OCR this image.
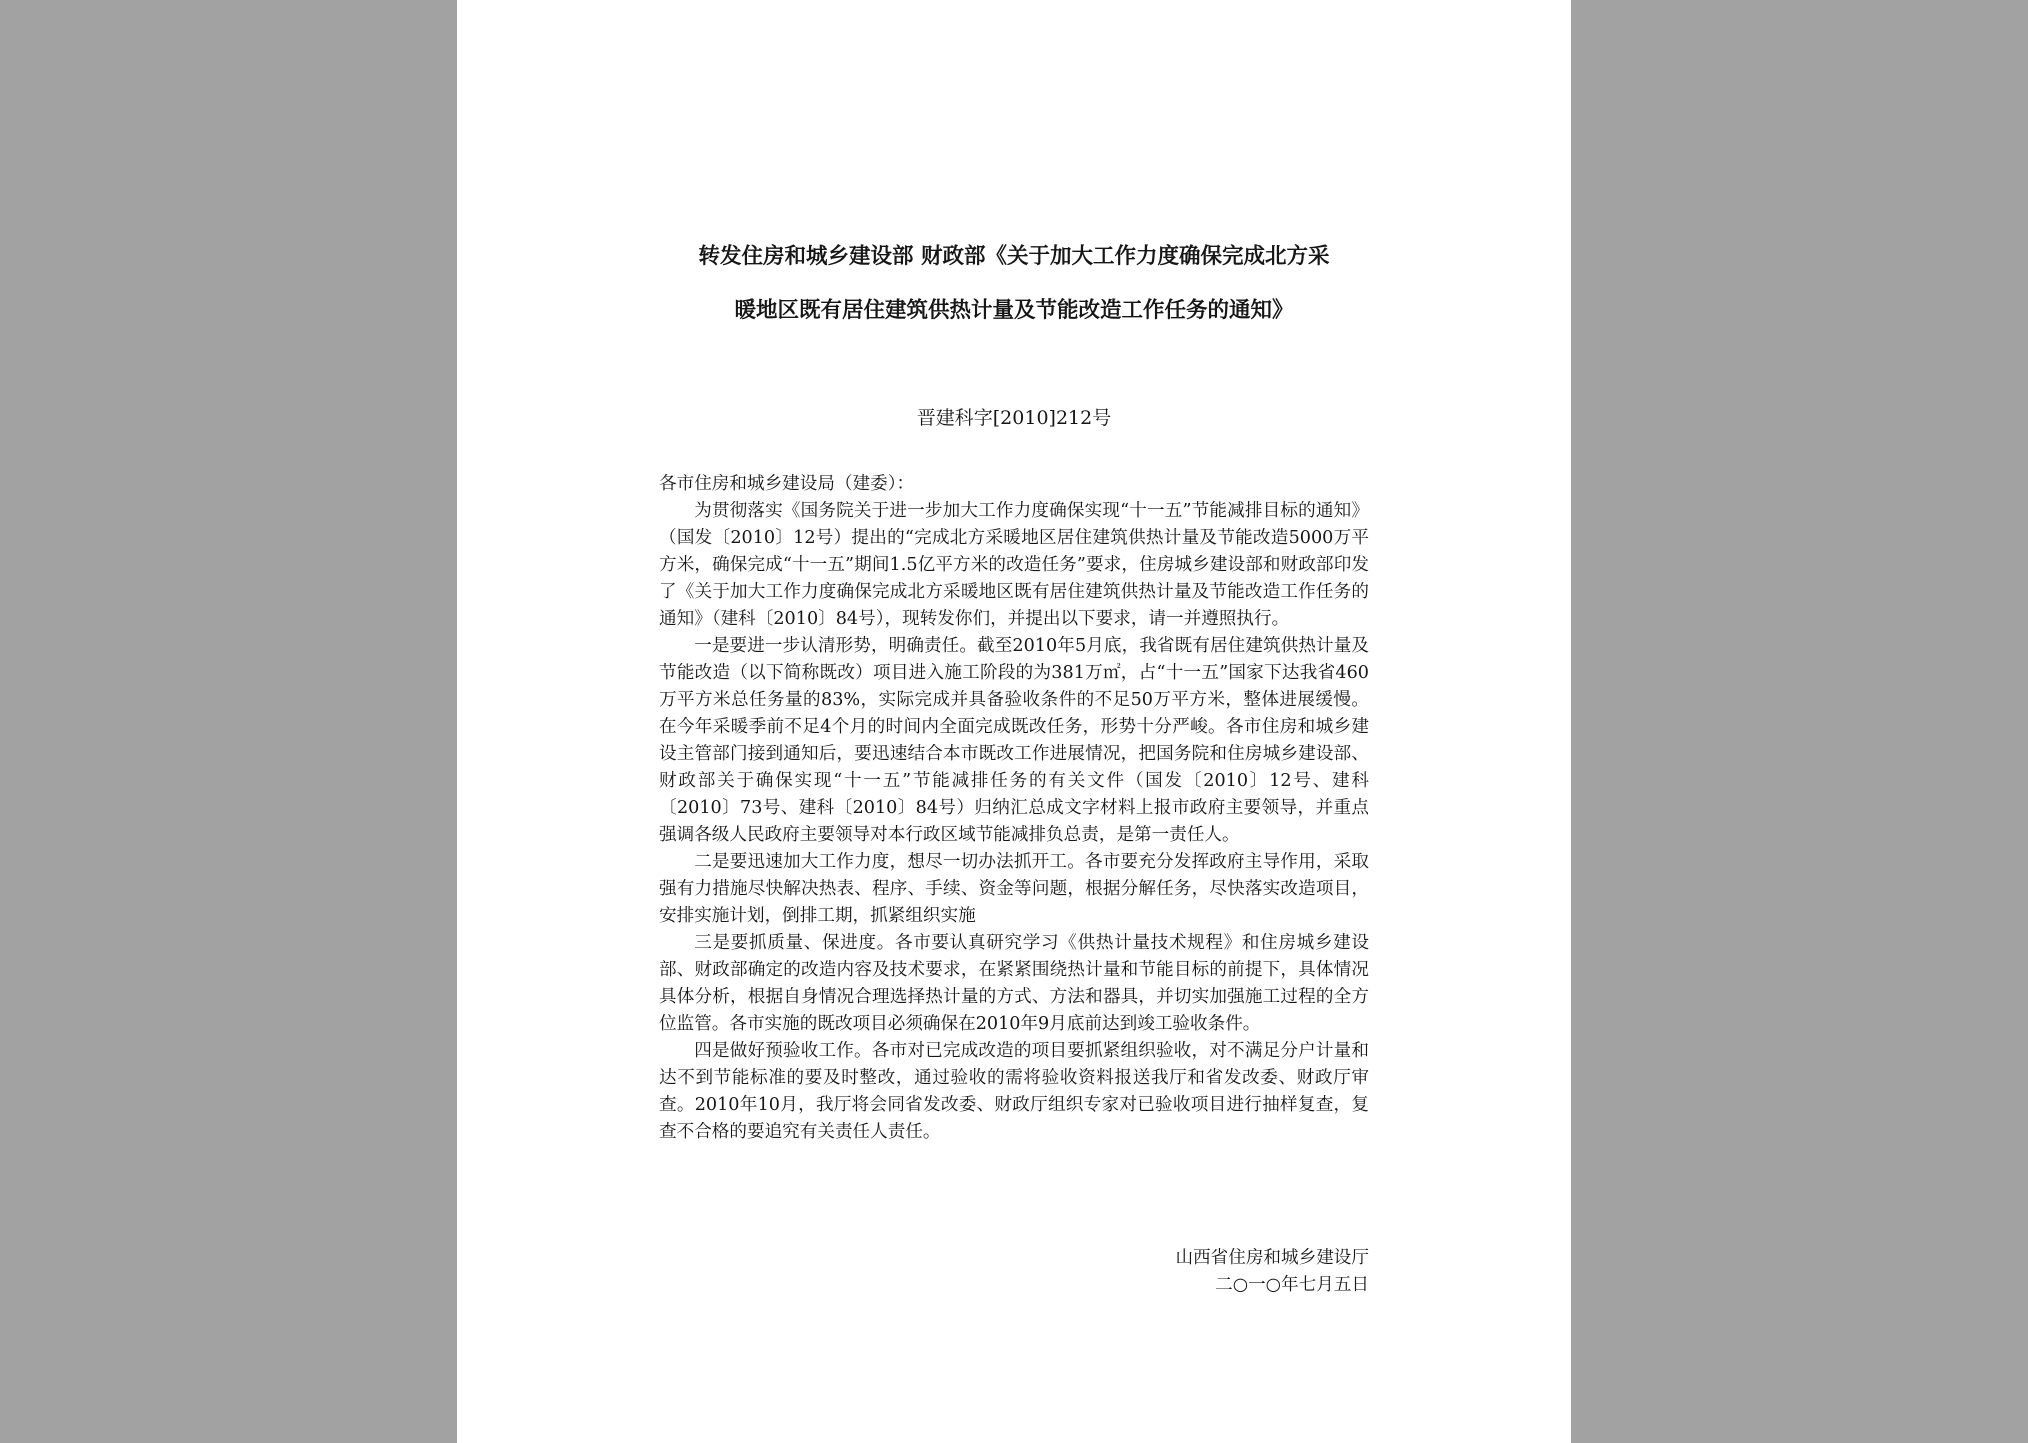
转发住房和城乡建设部 财政部《关于加大工作力度确保完成北方采
暖地区既有居住建筑供热计量及节能改造工作任务的通知》
晋建科字[2010]212号

各市住房和城乡建设局（建委）：

为贯彻落实《国务院关于进一步加大工作力度确保实现“十一五”节能减排目标的通知》（国发〔2010〕12号）提出的“完成北方采暖地区居住建筑供热计量及节能改造5000万平方米，确保完成“十一五”期间1.5亿平方米的改造任务”要求，住房城乡建设部和财政部印发了《关于加大工作力度确保完成北方采暖地区既有居住建筑供热计量及节能改造工作任务的通知》（建科〔2010〕84号），现转发你们，并提出以下要求，请一并遵照执行。

一是要进一步认清形势，明确责任。截至2010年5月底，我省既有居住建筑供热计量及节能改造（以下简称既改）项目进入施工阶段的为381万㎡，占“十一五”国家下达我省460万平方米总任务量的83%，实际完成并具备验收条件的不足50万平方米，整体进展缓慢。在今年采暖季前不足4个月的时间内全面完成既改任务，形势十分严峻。各市住房和城乡建设主管部门接到通知后，要迅速结合本市既改工作进展情况，把国务院和住房城乡建设部、财政部关于确保实现“十一五”节能减排任务的有关文件（国发〔2010〕12号、建科〔2010〕73号、建科〔2010〕84号）归纳汇总成文字材料上报市政府主要领导，并重点强调各级人民政府主要领导对本行政区域节能减排负总责，是第一责任人。

二是要迅速加大工作力度，想尽一切办法抓开工。各市要充分发挥政府主导作用，采取强有力措施尽快解决热表、程序、手续、资金等问题，根据分解任务，尽快落实改造项目，安排实施计划，倒排工期，抓紧组织实施

三是要抓质量、保进度。各市要认真研究学习《供热计量技术规程》和住房城乡建设部、财政部确定的改造内容及技术要求，在紧紧围绕热计量和节能目标的前提下，具体情况具体分析，根据自身情况合理选择热计量的方式、方法和器具，并切实加强施工过程的全方位监管。各市实施的既改项目必须确保在2010年9月底前达到竣工验收条件。

四是做好预验收工作。各市对已完成改造的项目要抓紧组织验收，对不满足分户计量和达不到节能标准的要及时整改，通过验收的需将验收资料报送我厅和省发改委、财政厅审查。2010年10月，我厅将会同省发改委、财政厅组织专家对已验收项目进行抽样复查，复查不合格的要追究有关责任人责任。

山西省住房和城乡建设厅
二○一○年七月五日
